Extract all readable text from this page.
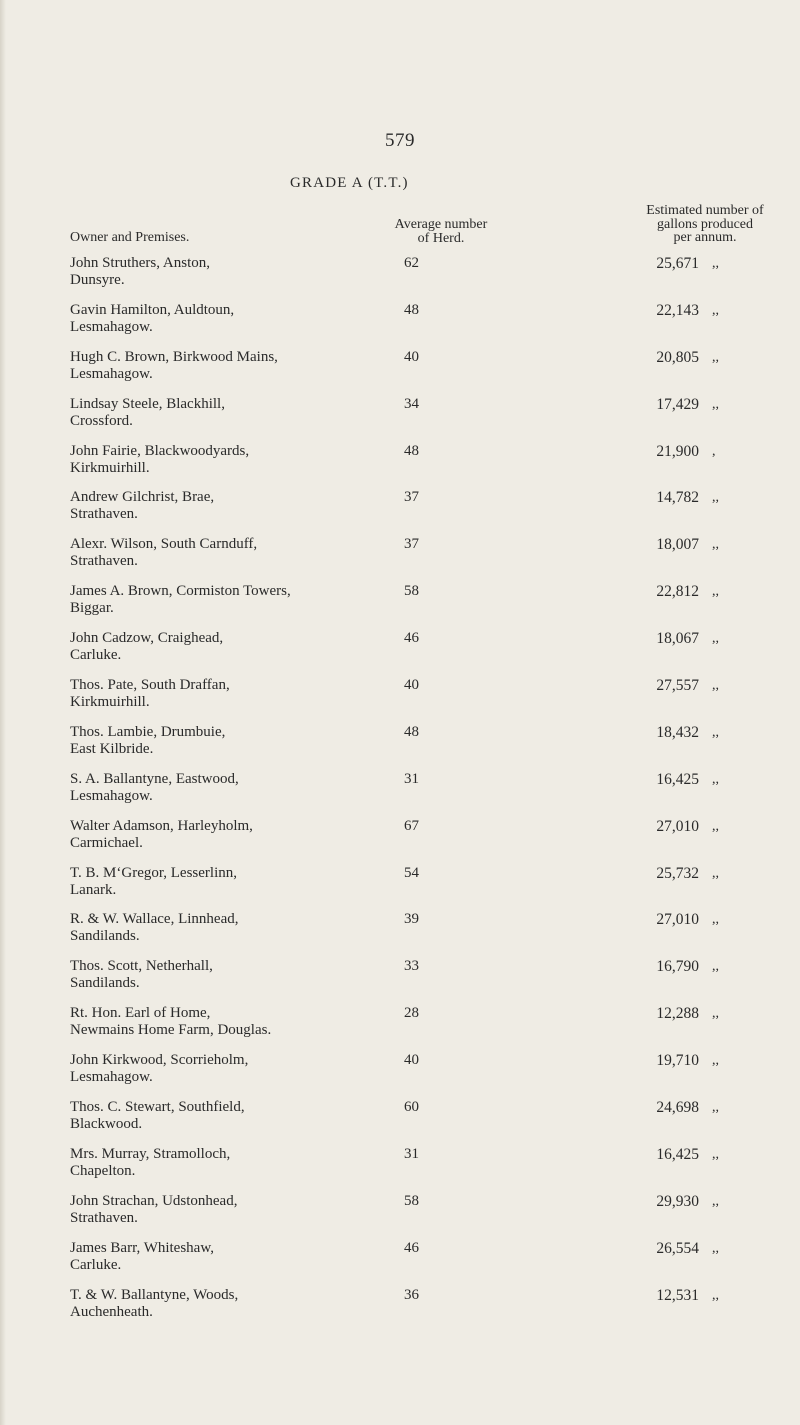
579
GRADE A (T.T.)
Owner and Premises.
Average number
of Herd.
Estimated number of
gallons produced
per annum.
John Struthers, Anston,
Dunsyre.
62	25,671 ,,
Gavin Hamilton, Auldtoun,
Lesmahagow.
48	22,143 ,,
Hugh C. Brown, Birkwood Mains,
Lesmahagow.
40	20,805 ,,
Lindsay Steele, Blackhill,
Crossford.
34	17,429 ,,
John Fairie, Blackwoodyards,
Kirkmuirhill.
48	21,900 ,
Andrew Gilchrist, Brae,
Strathaven.
37	14,782 ,,
Alexr. Wilson, South Carnduff,
Strathaven.
37	18,007 ,,
James A. Brown, Cormiston Towers,
Biggar.
58	22,812 ,,
John Cadzow, Craighead,
Carluke.
46	18,067 ,,
Thos. Pate, South Draffan,
Kirkmuirhill.
40	27,557 ,,
Thos. Lambie, Drumbuie,
East Kilbride.
48	18,432 ,,
S. A. Ballantyne, Eastwood,
Lesmahagow.
31	16,425 ,,
Walter Adamson, Harleyholm,
Carmichael.
67	27,010 ,,
T. B. M‘Gregor, Lesserlinn,
Lanark.
54	25,732 ,,
R. & W. Wallace, Linnhead,
Sandilands.
39	27,010 ,,
Thos. Scott, Netherhall,
Sandilands.
33	16,790 ,,
Rt. Hon. Earl of Home,
Newmains Home Farm, Douglas.
28	12,288 ,,
John Kirkwood, Scorrieholm,
Lesmahagow.
40	19,710 ,,
Thos. C. Stewart, Southfield,
Blackwood.
60	24,698 ,,
Mrs. Murray, Stramolloch,
Chapelton.
31	16,425 ,,
John Strachan, Udstonhead,
Strathaven.
58	29,930 ,,
James Barr, Whiteshaw,
Carluke.
46	26,554 ,,
T. & W. Ballantyne, Woods,
Auchenheath.
36	12,531 ,,
